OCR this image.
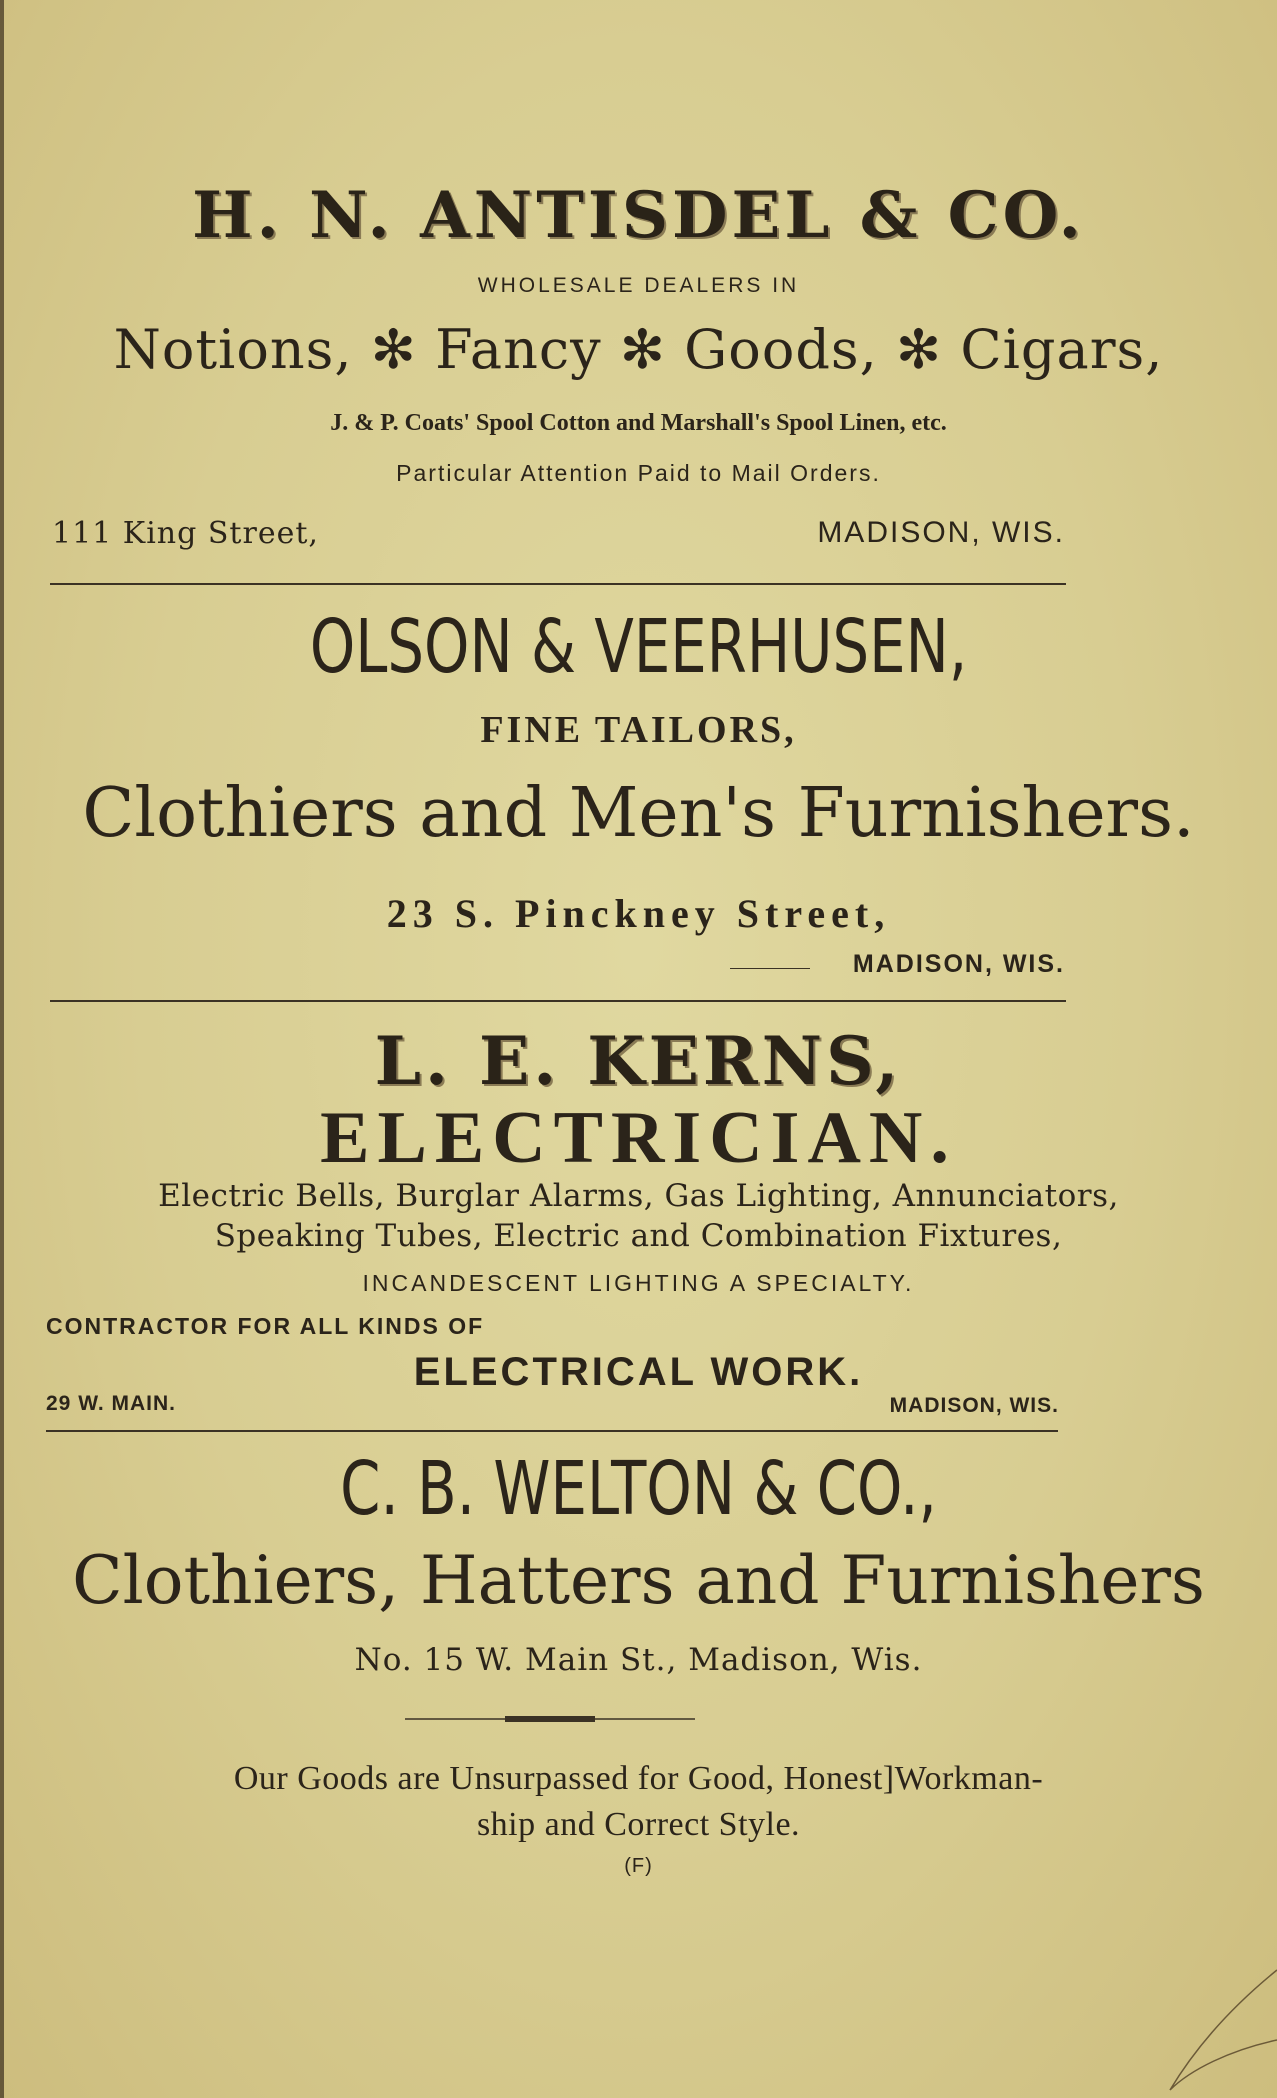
H. N. ANTISDEL & CO.
WHOLESALE DEALERS IN
Notions, ✻ Fancy ✻ Goods, ✻ Cigars,
J. & P. Coats' Spool Cotton and Marshall's Spool Linen, etc.
Particular Attention Paid to Mail Orders.
111 King Street,	MADISON, WIS.
OLSON & VEERHUSEN,
FINE TAILORS,
Clothiers and Men's Furnishers.
23 S. Pinckney Street,
MADISON, WIS.
L. E. KERNS,
ELECTRICIAN.
Electric Bells, Burglar Alarms, Gas Lighting, Annunciators,
Speaking Tubes, Electric and Combination Fixtures,
INCANDESCENT LIGHTING A SPECIALTY.
CONTRACTOR FOR ALL KINDS OF
ELECTRICAL WORK.
29 W. MAIN.	MADISON, WIS.
C. B. WELTON & CO.,
Clothiers, Hatters and Furnishers
No. 15 W. Main St., Madison, Wis.
Our Goods are Unsurpassed for Good, Honest]Workman-
ship and Correct Style.
(F)
